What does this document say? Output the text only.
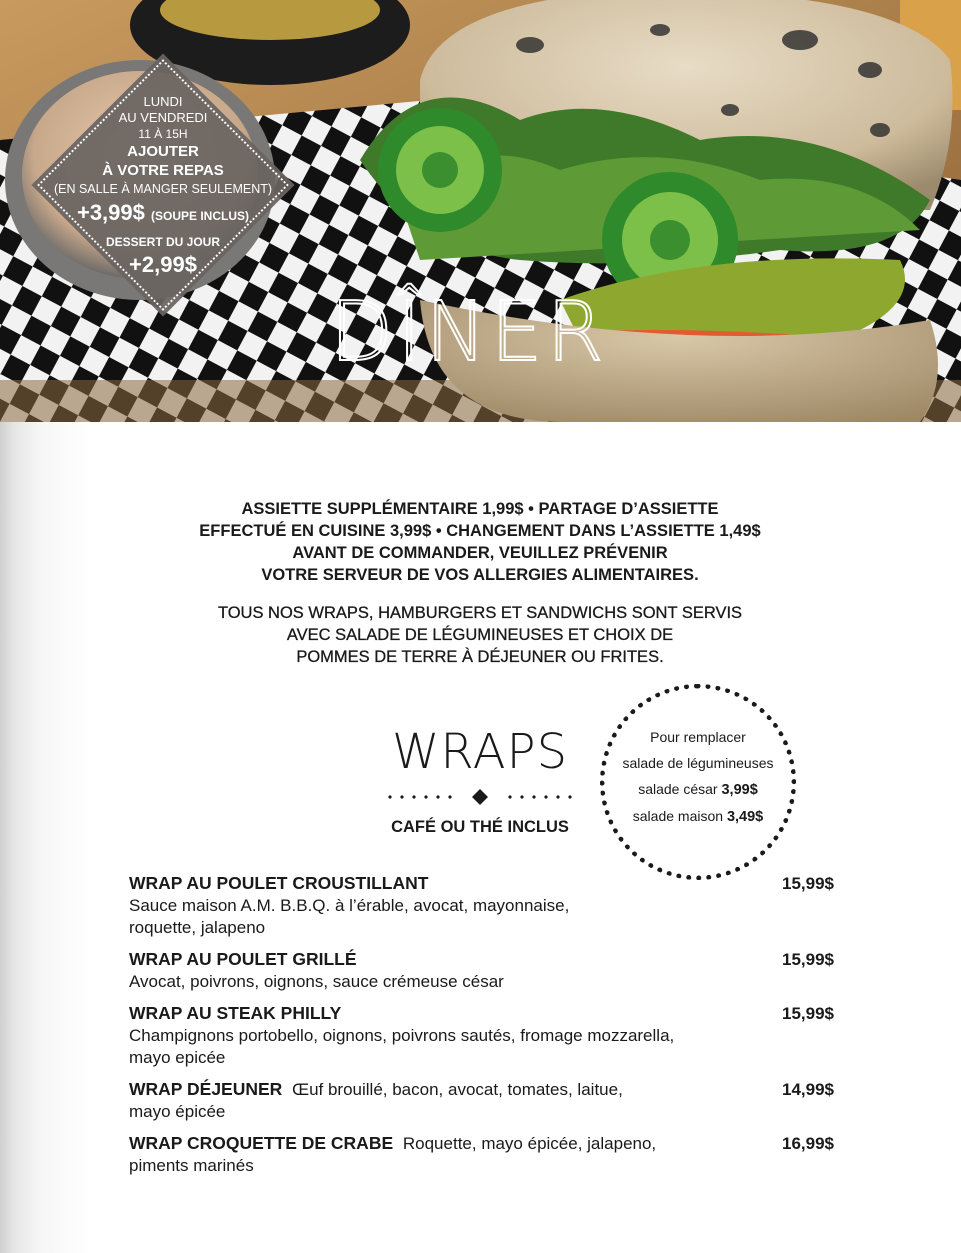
LUNDI
AU VENDREDI
11 À 15H
AJOUTER
À VOTRE REPAS
(EN SALLE À MANGER SEULEMENT)
+3,99$ (SOUPE INCLUS)
DESSERT DU JOUR
+2,99$
DÎNER
ASSIETTE SUPPLÉMENTAIRE 1,99$ • PARTAGE D’ASSIETTE
EFFECTUÉ EN CUISINE 3,99$ • CHANGEMENT DANS L’ASSIETTE 1,49$
AVANT DE COMMANDER, VEUILLEZ PRÉVENIR
VOTRE SERVEUR DE VOS ALLERGIES ALIMENTAIRES.
TOUS NOS WRAPS, HAMBURGERS ET SANDWICHS SONT SERVIS
AVEC SALADE DE LÉGUMINEUSES ET CHOIX DE
POMMES DE TERRE À DÉJEUNER OU FRITES.
WRAPS
CAFÉ OU THÉ INCLUS
Pour remplacer
salade de légumineuses
salade césar 3,99$
salade maison 3,49$
15,99$
WRAP AU POULET CROUSTILLANT
Sauce maison A.M. B.B.Q. à l’érable, avocat, mayonnaise,
roquette, jalapeno
15,99$
WRAP AU POULET GRILLÉ
Avocat, poivrons, oignons, sauce crémeuse césar
15,99$
WRAP AU STEAK PHILLY
Champignons portobello, oignons, poivrons sautés, fromage mozzarella,
mayo epicée
14,99$
WRAP DÉJEUNER Œuf brouillé, bacon, avocat, tomates, laitue,
mayo épicée
16,99$
WRAP CROQUETTE DE CRABE Roquette, mayo épicée, jalapeno,
piments marinés
